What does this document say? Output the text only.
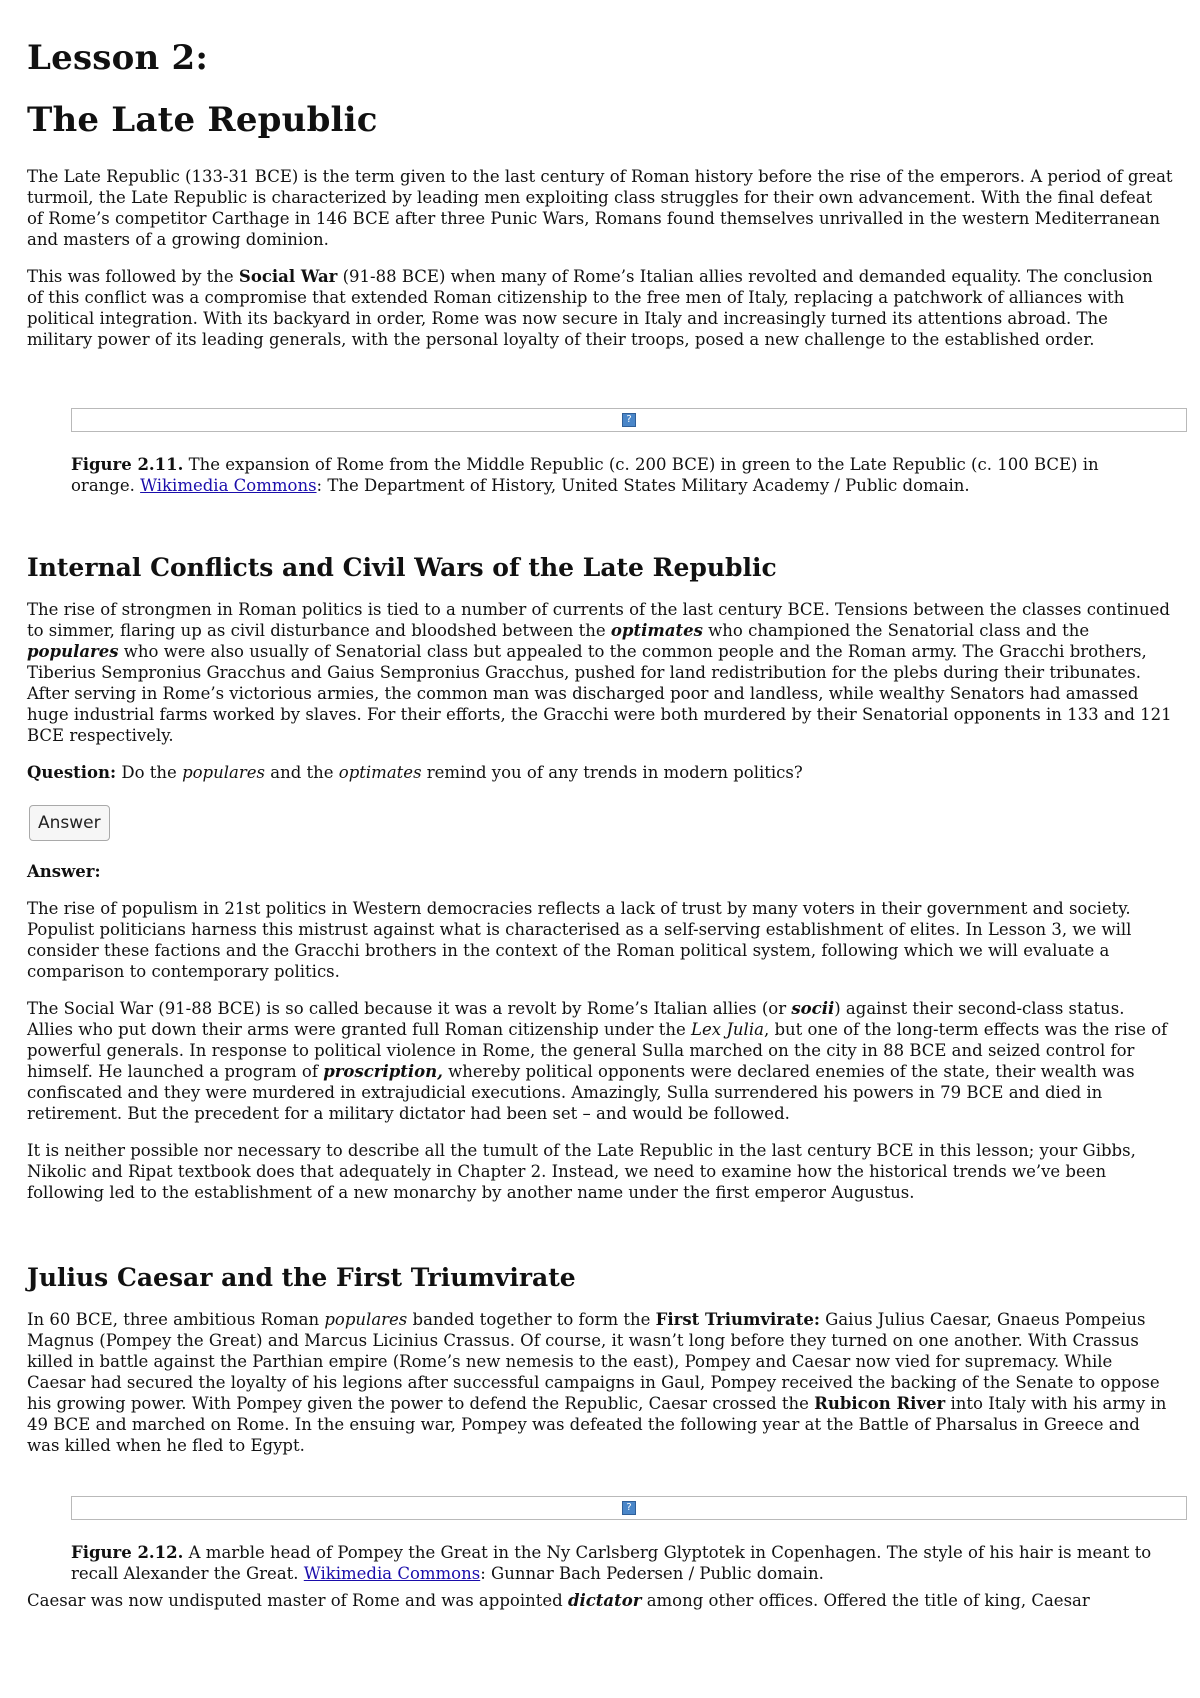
Lesson 2:
The Late Republic

The Late Republic (133-31 BCE) is the term given to the last century of Roman history before the rise of the emperors. A period of great turmoil, the Late Republic is characterized by leading men exploiting class struggles for their own advancement. With the final defeat of Rome’s competitor Carthage in 146 BCE after three Punic Wars, Romans found themselves unrivalled in the western Mediterranean and masters of a growing dominion.

This was followed by the Social War (91-88 BCE) when many of Rome’s Italian allies revolted and demanded equality. The conclusion of this conflict was a compromise that extended Roman citizenship to the free men of Italy, replacing a patchwork of alliances with political integration. With its backyard in order, Rome was now secure in Italy and increasingly turned its attentions abroad. The military power of its leading generals, with the personal loyalty of their troops, posed a new challenge to the established order.

?

Figure 2.11. The expansion of Rome from the Middle Republic (c. 200 BCE) in green to the Late Republic (c. 100 BCE) in orange. Wikimedia Commons: The Department of History, United States Military Academy / Public domain.

Internal Conflicts and Civil Wars of the Late Republic

The rise of strongmen in Roman politics is tied to a number of currents of the last century BCE. Tensions between the classes continued to simmer, flaring up as civil disturbance and bloodshed between the optimates who championed the Senatorial class and the populares who were also usually of Senatorial class but appealed to the common people and the Roman army. The Gracchi brothers, Tiberius Sempronius Gracchus and Gaius Sempronius Gracchus, pushed for land redistribution for the plebs during their tribunates. After serving in Rome’s victorious armies, the common man was discharged poor and landless, while wealthy Senators had amassed huge industrial farms worked by slaves. For their efforts, the Gracchi were both murdered by their Senatorial opponents in 133 and 121 BCE respectively.

Question: Do the populares and the optimates remind you of any trends in modern politics?

Answer

Answer:

The rise of populism in 21st politics in Western democracies reflects a lack of trust by many voters in their government and society. Populist politicians harness this mistrust against what is characterised as a self-serving establishment of elites. In Lesson 3, we will consider these factions and the Gracchi brothers in the context of the Roman political system, following which we will evaluate a comparison to contemporary politics.

The Social War (91-88 BCE) is so called because it was a revolt by Rome’s Italian allies (or socii) against their second-class status. Allies who put down their arms were granted full Roman citizenship under the Lex Julia, but one of the long-term effects was the rise of powerful generals. In response to political violence in Rome, the general Sulla marched on the city in 88 BCE and seized control for himself. He launched a program of proscription, whereby political opponents were declared enemies of the state, their wealth was confiscated and they were murdered in extrajudicial executions. Amazingly, Sulla surrendered his powers in 79 BCE and died in retirement. But the precedent for a military dictator had been set – and would be followed.

It is neither possible nor necessary to describe all the tumult of the Late Republic in the last century BCE in this lesson; your Gibbs, Nikolic and Ripat textbook does that adequately in Chapter 2. Instead, we need to examine how the historical trends we’ve been following led to the establishment of a new monarchy by another name under the first emperor Augustus.

Julius Caesar and the First Triumvirate

In 60 BCE, three ambitious Roman populares banded together to form the First Triumvirate: Gaius Julius Caesar, Gnaeus Pompeius Magnus (Pompey the Great) and Marcus Licinius Crassus. Of course, it wasn’t long before they turned on one another. With Crassus killed in battle against the Parthian empire (Rome’s new nemesis to the east), Pompey and Caesar now vied for supremacy. While Caesar had secured the loyalty of his legions after successful campaigns in Gaul, Pompey received the backing of the Senate to oppose his growing power. With Pompey given the power to defend the Republic, Caesar crossed the Rubicon River into Italy with his army in 49 BCE and marched on Rome. In the ensuing war, Pompey was defeated the following year at the Battle of Pharsalus in Greece and was killed when he fled to Egypt.

?

Figure 2.12. A marble head of Pompey the Great in the Ny Carlsberg Glyptotek in Copenhagen. The style of his hair is meant to recall Alexander the Great. Wikimedia Commons: Gunnar Bach Pedersen / Public domain.

Caesar was now undisputed master of Rome and was appointed dictator among other offices. Offered the title of king, Caesar
